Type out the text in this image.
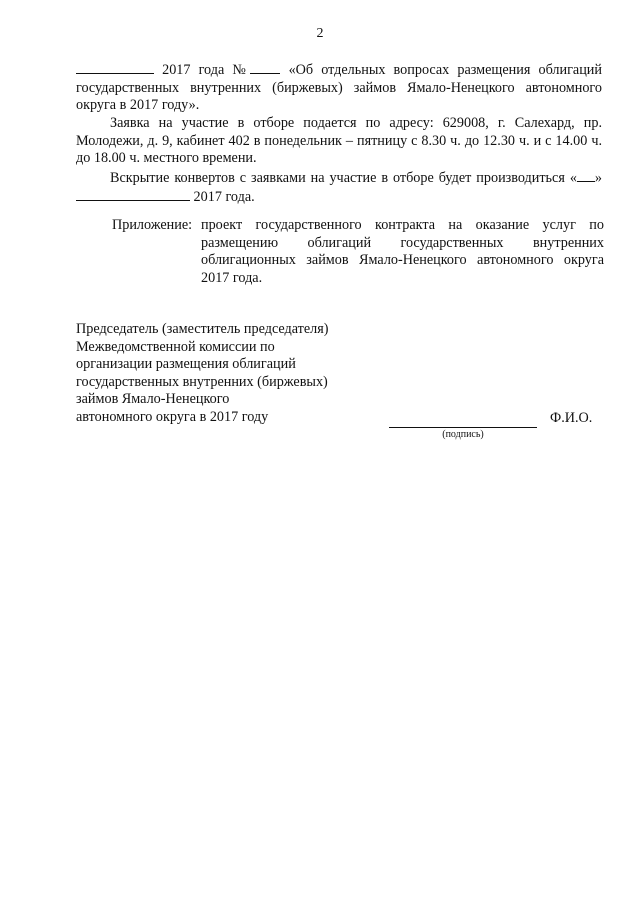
2
2017 года №	«Об отдельных вопросах размещения облигаций государственных внутренних (биржевых) займов Ямало-Ненецкого автономного округа в 2017 году».
Заявка на участие в отборе подается по адресу: 629008, г. Салехард, пр. Молодежи, д. 9, кабинет 402 в понедельник – пятницу с 8.30 ч. до 12.30 ч. и с 14.00 ч. до 18.00 ч. местного времени.
Вскрытие конвертов с заявками на участие в отборе будет производиться « »  2017 года.
Приложение: проект государственного контракта на оказание услуг по размещению облигаций государственных внутренних облигационных займов Ямало-Ненецкого автономного округа 2017 года.
Председатель (заместитель председателя)
Межведомственной комиссии по
организации размещения облигаций
государственных внутренних (биржевых)
займов Ямало-Ненецкого
автономного округа в 2017 году
(подпись)
Ф.И.О.
